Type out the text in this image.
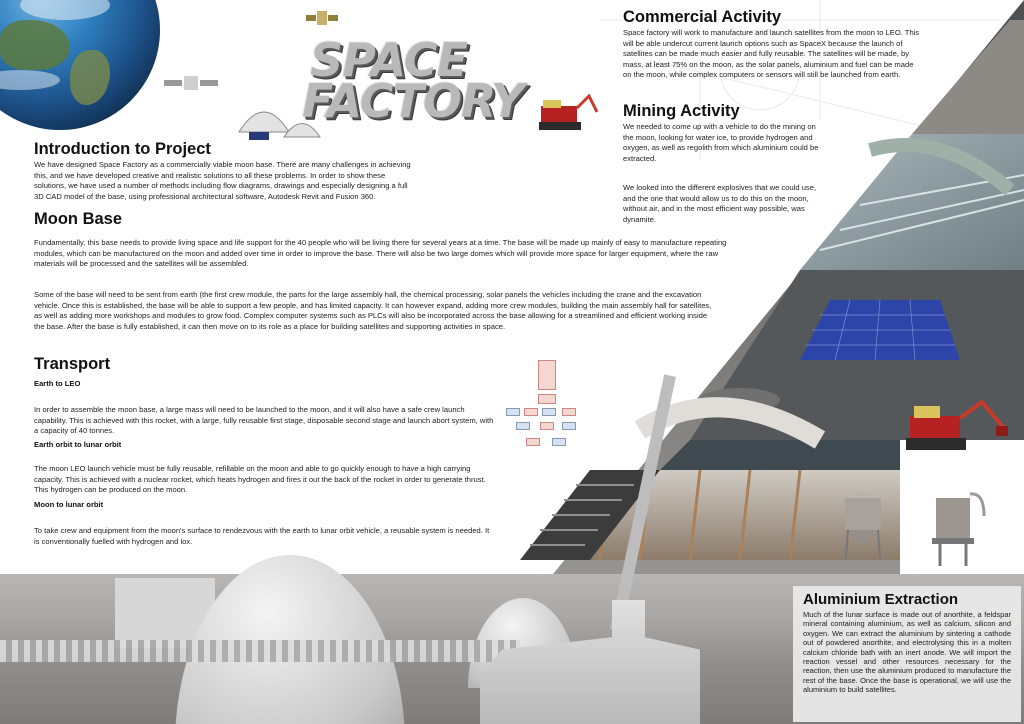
SPACE
FACTORY
Introduction to Project

We have designed Space Factory as a commercially viable moon base. There are many challenges in achieving this, and we have developed creative and realistic solutions to all these problems. In order to show these solutions, we have used a number of methods including flow diagrams, drawings and especially designing a full 3D CAD model of the base, using professional architectural software, Autodesk Revit and Fusion 360.

Moon Base

Fundamentally, this base needs to provide living space and life support for the 40 people who will be living there for several years at a time. The base will be made up mainly of easy to manufacture repeating modules, which can be manufactured on the moon and added over time in order to improve the base. There will also be two large domes which will provide more space for larger equipment, where the raw materials will be processed and the satellites will be assembled.

Some of the base will need to be sent from earth (the first crew module, the parts for the large assembly hall, the chemical processing, solar panels the vehicles including the crane and the excavation vehicle. Once this is established, the base will be able to support a few people, and has limited capacity. It can however expand, adding more crew modules, building the main assembly hall for satellites, as well as adding more workshops and modules to grow food. Complex computer systems such as PLCs will also be incorporated across the base allowing for a streamlined and efficient working inside the base. After the base is fully established, it can then move on to its role as a place for building satellites and supporting activities in space.

Transport

Earth to LEO

In order to assemble the moon base, a large mass will need to be launched to the moon, and it will also have a safe crew launch capability. This is achieved with this rocket, with a large, fully reusable first stage, disposable second stage and launch abort system, with a capacity of 40 tonnes.

Earth orbit to lunar orbit

The moon LEO launch vehicle must be fully reusable, refillable on the moon and able to go quickly enough to have a high carrying capacity. This is achieved with a nuclear rocket, which heats hydrogen and fires it out the back of the rocket in order to generate thrust. This hydrogen can be produced on the moon.

Moon to lunar orbit

To take crew and equipment from the moon's surface to rendezvous with the earth to lunar orbit vehicle, a reusable system is needed. It is conventionally fuelled with hydrogen and lox.

Commercial Activity

Space factory will work to manufacture and launch satellites from the moon to LEO. This will be able undercut current launch options such as SpaceX because the launch of satellites can be made much easier and fully reusable. The satellites will be made, by mass, at least 75% on the moon, as the solar panels, aluminium and fuel can be made on the moon, while complex computers or sensors will still be launched from earth.

Mining Activity

We needed to come up with a vehicle to do the mining on the moon, looking for water ice, to provide hydrogen and oxygen, as well as regolith from which aluminium could be extracted.

We looked into the different explosives that we could use, and the one that would allow us to do this on the moon, without air, and in the most efficient way possible, was dynamite.

Aluminium Extraction

Much of the lunar surface is made out of anorthite, a feldspar mineral containing aluminium, as well as calcium, silicon and oxygen. We can extract the aluminium by sintering a cathode out of powdered anorthite, and electrolysing this in a molten calcium chloride bath with an inert anode. We will import the reaction vessel and other resources necessary for the reaction, then use the aluminium produced to manufacture the rest of the base. Once the base is operational, we will use the aluminium to build satellites.
